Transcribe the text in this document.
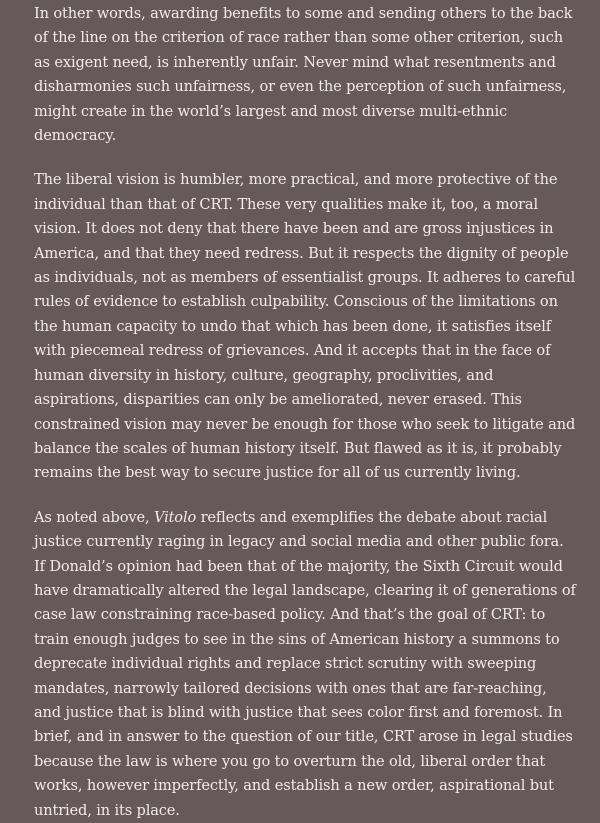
In other words, awarding benefits to some and sending others to the back of the line on the criterion of race rather than some other criterion, such as exigent need, is inherently unfair. Never mind what resentments and disharmonies such unfairness, or even the perception of such unfairness, might create in the world’s largest and most diverse multi-ethnic democracy.

The liberal vision is humbler, more practical, and more protective of the individual than that of CRT. These very qualities make it, too, a moral vision. It does not deny that there have been and are gross injustices in America, and that they need redress. But it respects the dignity of people as individuals, not as members of essentialist groups. It adheres to careful rules of evidence to establish culpability. Conscious of the limitations on the human capacity to undo that which has been done, it satisfies itself with piecemeal redress of grievances. And it accepts that in the face of human diversity in history, culture, geography, proclivities, and aspirations, disparities can only be ameliorated, never erased. This constrained vision may never be enough for those who seek to litigate and balance the scales of human history itself. But flawed as it is, it probably remains the best way to secure justice for all of us currently living.

As noted above, Vitolo reflects and exemplifies the debate about racial justice currently raging in legacy and social media and other public fora. If Donald’s opinion had been that of the majority, the Sixth Circuit would have dramatically altered the legal landscape, clearing it of generations of case law constraining race-based policy. And that’s the goal of CRT: to train enough judges to see in the sins of American history a summons to deprecate individual rights and replace strict scrutiny with sweeping mandates, narrowly tailored decisions with ones that are far-reaching, and justice that is blind with justice that sees color first and foremost. In brief, and in answer to the question of our title, CRT arose in legal studies because the law is where you go to overturn the old, liberal order that works, however imperfectly, and establish a new order, aspirational but untried, in its place.
